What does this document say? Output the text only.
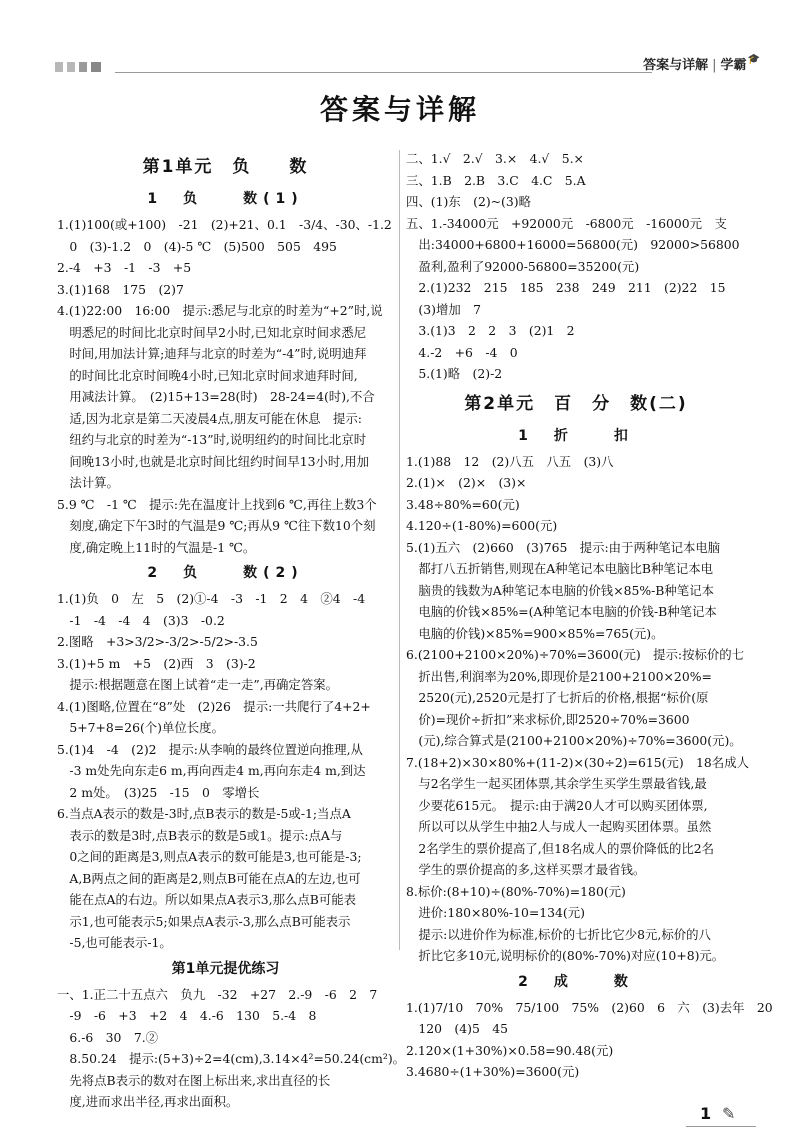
答案与详解 | 学霸🎓
答案与详解
第1单元　负　　数
1　负　　数(1)
1.(1)100(或+100)　-21　(2)+21、0.1　-3/4、-30、-1.2
　0　(3)-1.2　0　(4)-5 ℃　(5)500　505　495
2.-4　+3　-1　-3　+5
3.(1)168　175　(2)7
4.(1)22:00　16:00　提示:悉尼与北京的时差为“+2”时,说
　明悉尼的时间比北京时间早2小时,已知北京时间求悉尼
　时间,用加法计算;迪拜与北京的时差为“-4”时,说明迪拜
　的时间比北京时间晚4小时,已知北京时间求迪拜时间,
　用减法计算。　(2)15+13=28(时)　28-24=4(时),不合
　适,因为北京是第二天凌晨4点,朋友可能在休息　提示:
　纽约与北京的时差为“-13”时,说明纽约的时间比北京时
　间晚13小时,也就是北京时间比纽约时间早13小时,用加
　法计算。
5.9 ℃　-1 ℃　提示:先在温度计上找到6 ℃,再往上数3个
　刻度,确定下午3时的气温是9 ℃;再从9 ℃往下数10个刻
　度,确定晚上11时的气温是-1 ℃。
2　负　　数(2)
1.(1)负　0　左　5　(2)①-4　-3　-1　2　4　②4　-4
　-1　-4　-4　4　(3)3　-0.2
2.图略　+3>3/2>-3/2>-5/2>-3.5
3.(1)+5 m　+5　(2)西　3　(3)-2
　提示:根据题意在图上试着“走一走”,再确定答案。
4.(1)图略,位置在“8”处　(2)26　提示:一共爬行了4+2+
　5+7+8=26(个)单位长度。
5.(1)4　-4　(2)2　提示:从李响的最终位置逆向推理,从
　-3 m处先向东走6 m,再向西走4 m,再向东走4 m,到达
　2 m处。　(3)25　-15　0　零增长
6.当点A表示的数是-3时,点B表示的数是-5或-1;当点A
　表示的数是3时,点B表示的数是5或1。提示:点A与
　0之间的距离是3,则点A表示的数可能是3,也可能是-3;
　A,B两点之间的距离是2,则点B可能在点A的左边,也可
　能在点A的右边。所以如果点A表示3,那么点B可能表
　示1,也可能表示5;如果点A表示-3,那么点B可能表示
　-5,也可能表示-1。
第1单元提优练习
一、1.正二十五点六　负九　-32　+27　2.-9　-6　2　7
　-9　-6　+3　+2　4　4.-6　130　5.-4　8
　6.-6　30　7.②
　8.50.24　提示:(5+3)÷2=4(cm),3.14×4²=50.24(cm²)。
　先将点B表示的数对在图上标出来,求出直径的长
　度,进而求出半径,再求出面积。
二、1.√　2.√　3.×　4.√　5.×
三、1.B　2.B　3.C　4.C　5.A
四、(1)东　(2)~(3)略
五、1.-34000元　+92000元　-6800元　-16000元　支
　出:34000+6800+16000=56800(元)　92000>56800
　盈利,盈利了92000-56800=35200(元)
　2.(1)232　215　185　238　249　211　(2)22　15
　(3)增加　7
　3.(1)3　2　2　3　(2)1　2
　4.-2　+6　-4　0
　5.(1)略　(2)-2
第2单元　百　分　数(二)
1　折　　扣
1.(1)88　12　(2)八五　八五　(3)八
2.(1)×　(2)×　(3)×
3.48÷80%=60(元)
4.120÷(1-80%)=600(元)
5.(1)五六　(2)660　(3)765　提示:由于两种笔记本电脑
　都打八五折销售,则现在A种笔记本电脑比B种笔记本电
　脑贵的钱数为A种笔记本电脑的价钱×85%-B种笔记本
　电脑的价钱×85%=(A种笔记本电脑的价钱-B种笔记本
　电脑的价钱)×85%=900×85%=765(元)。
6.(2100+2100×20%)÷70%=3600(元)　提示:按标价的七
　折出售,利润率为20%,即现价是2100+2100×20%=
　2520(元),2520元是打了七折后的价格,根据“标价(原
　价)=现价÷折扣”来求标价,即2520÷70%=3600
　(元),综合算式是(2100+2100×20%)÷70%=3600(元)。
7.(18+2)×30×80%+(11-2)×(30÷2)=615(元)　18名成人
　与2名学生一起买团体票,其余学生买学生票最省钱,最
　少要花615元。　提示:由于满20人才可以购买团体票,
　所以可以从学生中抽2人与成人一起购买团体票。虽然
　2名学生的票价提高了,但18名成人的票价降低的比2名
　学生的票价提高的多,这样买票才最省钱。
8.标价:(8+10)÷(80%-70%)=180(元)
　进价:180×80%-10=134(元)
　提示:以进价作为标准,标价的七折比它少8元,标价的八
　折比它多10元,说明标价的(80%-70%)对应(10+8)元。
2　成　　数
1.(1)7/10　70%　75/100　75%　(2)60　6　六　(3)去年　20
　120　(4)5　45
2.120×(1+30%)×0.58=90.48(元)
3.4680÷(1+30%)=3600(元)
1 ✎
